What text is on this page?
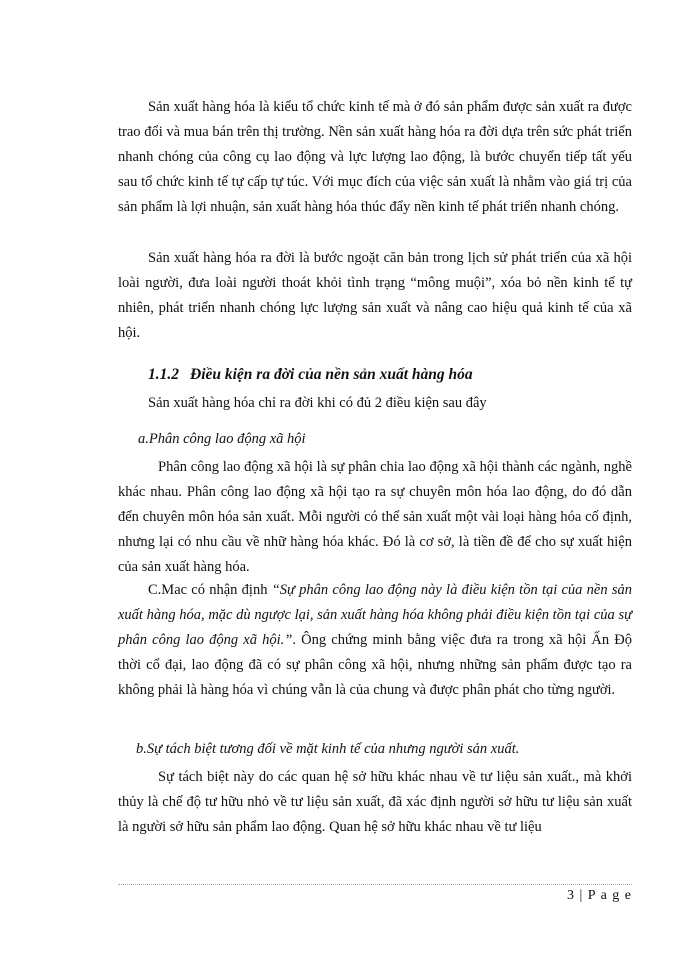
Sản xuất hàng hóa là kiểu tổ chức kinh tế mà ở đó sản phẩm được sản xuất ra được trao đổi và mua bán trên thị trường. Nền sản xuất hàng hóa ra đời dựa trên sức phát triển nhanh chóng của công cụ lao động và lực lượng lao động, là bước chuyển tiếp tất yếu sau tổ chức kinh tế tự cấp tự túc. Với mục đích của việc sản xuất là nhằm vào giá trị của sản phẩm là lợi nhuận, sản xuất hàng hóa thúc đẩy nền kinh tế phát triển nhanh chóng.

Sản xuất hàng hóa ra đời là bước ngoặt căn bản trong lịch sử phát triển của xã hội loài người, đưa loài người thoát khỏi tình trạng “mông muội”, xóa bỏ nền kinh tế tự nhiên, phát triển nhanh chóng lực lượng sản xuất và nâng cao hiệu quả kinh tế của xã hội.

1.1.2 Điều kiện ra đời của nền sản xuất hàng hóa

Sản xuất hàng hóa chỉ ra đời khi có đủ 2 điều kiện sau đây

a.Phân công lao động xã hội

Phân công lao động xã hội là sự phân chia lao động xã hội thành các ngành, nghề khác nhau. Phân công lao động xã hội tạo ra sự chuyên môn hóa lao động, do đó dẫn đến chuyên môn hóa sản xuất. Mỗi người có thể sản xuất một vài loại hàng hóa cố định, nhưng lại có nhu cầu về nhữ hàng hóa khác. Đó là cơ sở, là tiền đề để cho sự xuất hiện của sản xuất hàng hóa.

C.Mac có nhận định “Sự phân công lao động này là điều kiện tồn tại của nền sản xuất hàng hóa, mặc dù ngược lại, sản xuất hàng hóa không phải điều kiện tồn tại của sự phân công lao động xã hội.”. Ông chứng minh bằng việc đưa ra trong xã hội Ấn Độ thời cổ đại, lao động đã có sự phân công xã hội, nhưng những sản phẩm được tạo ra không phải là hàng hóa vì chúng vẫn là của chung và được phân phát cho từng người.

b.Sự tách biệt tương đối về mặt kinh tế của nhưng người sản xuất.

Sự tách biệt này do các quan hệ sở hữu khác nhau về tư liệu sản xuất., mà khởi thủy là chế độ tư hữu nhỏ về tư liệu sản xuất, đã xác định người sở hữu tư liệu sản xuất là người sở hữu sản phẩm lao động. Quan hệ sở hữu khác nhau về tư liệu

3 | P a g e
